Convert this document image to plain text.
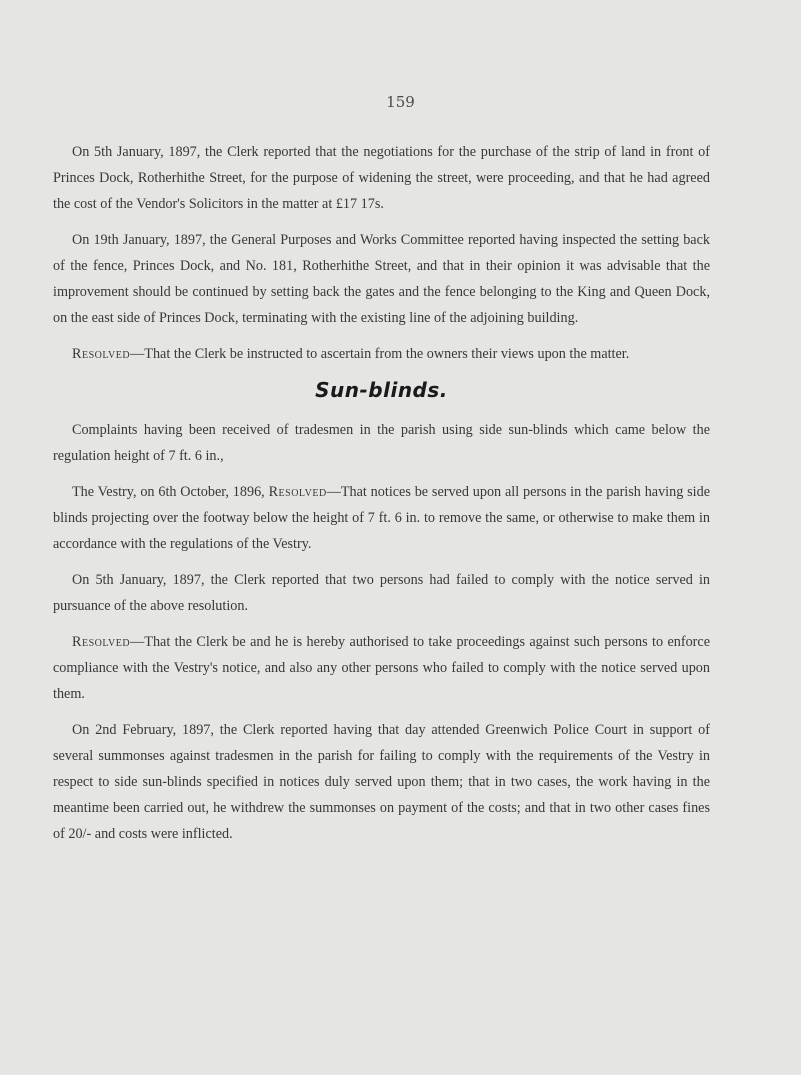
159

On 5th January, 1897, the Clerk reported that the negotiations for the purchase of the strip of land in front of Princes Dock, Rotherhithe Street, for the purpose of widening the street, were proceeding, and that he had agreed the cost of the Vendor's Solicitors in the matter at £17 17s.

On 19th January, 1897, the General Purposes and Works Committee reported having inspected the setting back of the fence, Princes Dock, and No. 181, Rotherhithe Street, and that in their opinion it was advisable that the improvement should be continued by setting back the gates and the fence belonging to the King and Queen Dock, on the east side of Princes Dock, terminating with the existing line of the adjoining building.

Resolved—That the Clerk be instructed to ascertain from the owners their views upon the matter.

Sun-blinds.

Complaints having been received of tradesmen in the parish using side sun-blinds which came below the regulation height of 7 ft. 6 in.,

The Vestry, on 6th October, 1896, Resolved—That notices be served upon all persons in the parish having side blinds projecting over the footway below the height of 7 ft. 6 in. to remove the same, or otherwise to make them in accordance with the regulations of the Vestry.

On 5th January, 1897, the Clerk reported that two persons had failed to comply with the notice served in pursuance of the above resolution.

Resolved—That the Clerk be and he is hereby authorised to take proceedings against such persons to enforce compliance with the Vestry's notice, and also any other persons who failed to comply with the notice served upon them.

On 2nd February, 1897, the Clerk reported having that day attended Greenwich Police Court in support of several summonses against tradesmen in the parish for failing to comply with the requirements of the Vestry in respect to side sun-blinds specified in notices duly served upon them; that in two cases, the work having in the meantime been carried out, he withdrew the summonses on payment of the costs; and that in two other cases fines of 20/- and costs were inflicted.
